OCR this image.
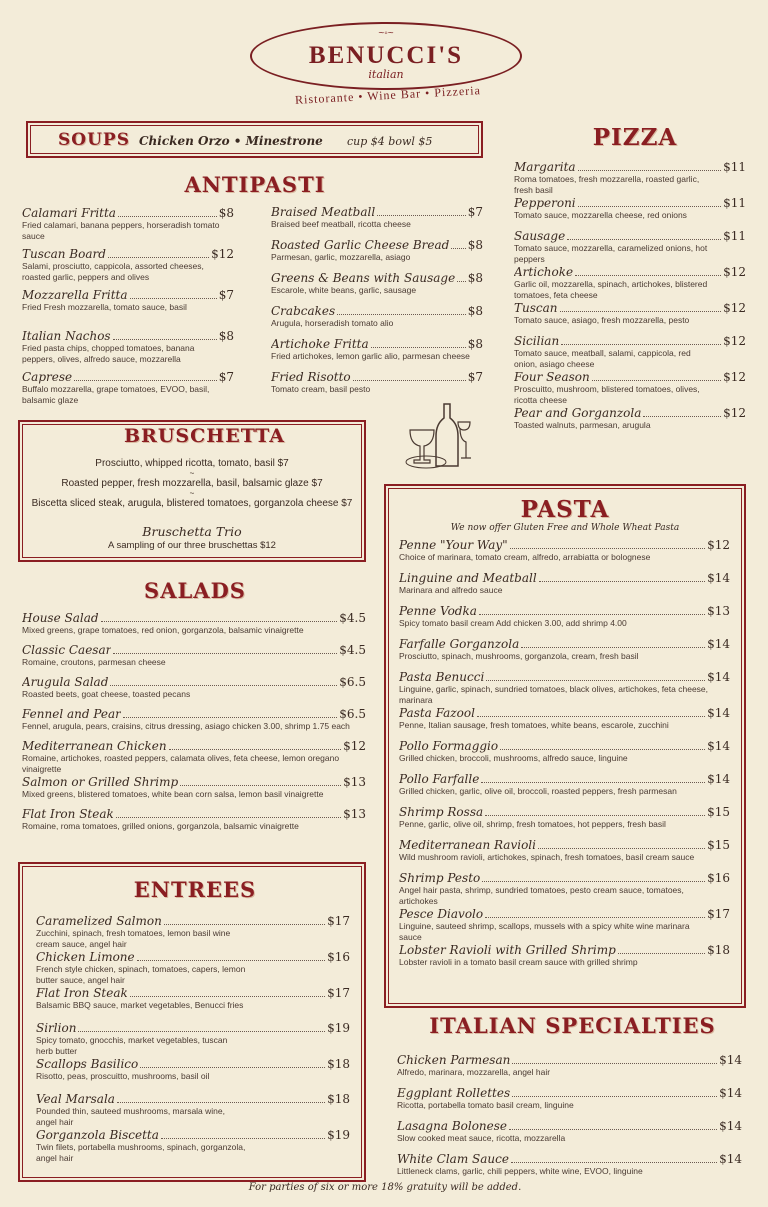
~◦~
BENUCCI'S
italian
Ristorante • Wine Bar • Pizzeria
SOUPS Chicken Orzo • Minestrone cup $4 bowl $5
ANTIPASTI
Calamari Fritta	$8
Fried calamari, banana peppers, horseradish tomato sauce
Tuscan Board	$12
Salami, prosciutto, cappicola, assorted cheeses, roasted garlic, peppers and olives
Mozzarella Fritta	$7
Fried Fresh mozzarella, tomato sauce, basil
Italian Nachos	$8
Fried pasta chips, chopped tomatoes, banana peppers, olives, alfredo sauce, mozzarella
Caprese	$7
Buffalo mozzarella, grape tomatoes, EVOO, basil, balsamic glaze
Braised Meatball	$7
Braised beef meatball, ricotta cheese
Roasted Garlic Cheese Bread $8
Parmesan, garlic, mozzarella, asiago
Greens & Beans with Sausage $8
Escarole, white beans, garlic, sausage
Crabcakes	$8
Arugula, horseradish tomato alio
Artichoke Fritta	$8
Fried artichokes, lemon garlic alio, parmesan cheese
Fried Risotto	$7
Tomato cream, basil pesto
BRUSCHETTA
Prosciutto, whipped ricotta, tomato, basil $7
~
Roasted pepper, fresh mozzarella, basil, balsamic glaze $7
~
Biscetta sliced steak, arugula, blistered tomatoes, gorganzola cheese $7
Bruschetta Trio
A sampling of our three bruschettas $12
SALADS
House Salad	$4.5
Mixed greens, grape tomatoes, red onion, gorganzola, balsamic vinaigrette
Classic Caesar	$4.5
Romaine, croutons, parmesan cheese
Arugula Salad	$6.5
Roasted beets, goat cheese, toasted pecans
Fennel and Pear	$6.5
Fennel, arugula, pears, craisins, citrus dressing, asiago chicken 3.00, shrimp 1.75 each
Mediterranean Chicken	$12
Romaine, artichokes, roasted peppers, calamata olives, feta cheese, lemon oregano vinaigrette
Salmon or Grilled Shrimp	$13
Mixed greens, blistered tomatoes, white bean corn salsa, lemon basil vinaigrette
Flat Iron Steak	$13
Romaine, roma tomatoes, grilled onions, gorganzola, balsamic vinaigrette
ENTREES
Caramelized Salmon	$17
Zucchini, spinach, fresh tomatoes, lemon basil wine cream sauce, angel hair
Chicken Limone	$16
French style chicken, spinach, tomatoes, capers, lemon butter sauce, angel hair
Flat Iron Steak	$17
Balsamic BBQ sauce, market vegetables, Benucci fries
Sirlion	$19
Spicy tomato, gnocchis, market vegetables, tuscan herb butter
Scallops Basilico	$18
Risotto, peas, proscuitto, mushrooms, basil oil
Veal Marsala	$18
Pounded thin, sauteed mushrooms, marsala wine, angel hair
Gorganzola Biscetta	$19
Twin filets, portabella mushrooms, spinach, gorganzola, angel hair
PIZZA
Margarita	$11
Roma tomatoes, fresh mozzarella, roasted garlic, fresh basil
Pepperoni	$11
Tomato sauce, mozzarella cheese, red onions
Sausage	$11
Tomato sauce, mozzarella, caramelized onions, hot peppers
Artichoke	$12
Garlic oil, mozzarella, spinach, artichokes, blistered tomatoes, feta cheese
Tuscan	$12
Tomato sauce, asiago, fresh mozzarella, pesto
Sicilian	$12
Tomato sauce, meatball, salami, cappicola, red onion, asiago cheese
Four Season	$12
Proscuitto, mushroom, blistered tomatoes, olives, ricotta cheese
Pear and Gorganzola	$12
Toasted walnuts, parmesan, arugula
PASTA
We now offer Gluten Free and Whole Wheat Pasta
Penne "Your Way"	$12
Choice of marinara, tomato cream, alfredo, arrabiatta or bolognese
Linguine and Meatball	$14
Marinara and alfredo sauce
Penne Vodka	$13
Spicy tomato basil cream Add chicken 3.00, add shrimp 4.00
Farfalle Gorganzola	$14
Prosciutto, spinach, mushrooms, gorganzola, cream, fresh basil
Pasta Benucci	$14
Linguine, garlic, spinach, sundried tomatoes, black olives, artichokes, feta cheese, marinara
Pasta Fazool	$14
Penne, Italian sausage, fresh tomatoes, white beans, escarole, zucchini
Pollo Formaggio	$14
Grilled chicken, broccoli, mushrooms, alfredo sauce, linguine
Pollo Farfalle	$14
Grilled chicken, garlic, olive oil, broccoli, roasted peppers, fresh parmesan
Shrimp Rossa	$15
Penne, garlic, olive oil, shrimp, fresh tomatoes, hot peppers, fresh basil
Mediterranean Ravioli	$15
Wild mushroom ravioli, artichokes, spinach, fresh tomatoes, basil cream sauce
Shrimp Pesto	$16
Angel hair pasta, shrimp, sundried tomatoes, pesto cream sauce, tomatoes, artichokes
Pesce Diavolo	$17
Linguine, sauteed shrimp, scallops, mussels with a spicy white wine marinara sauce
Lobster Ravioli with Grilled Shrimp	$18
Lobster ravioli in a tomato basil cream sauce with grilled shrimp
ITALIAN SPECIALTIES
Chicken Parmesan	$14
Alfredo, marinara, mozzarella, angel hair
Eggplant Rollettes	$14
Ricotta, portabella tomato basil cream, linguine
Lasagna Bolonese	$14
Slow cooked meat sauce, ricotta, mozzarella
White Clam Sauce	$14
Littleneck clams, garlic, chili peppers, white wine, EVOO, linguine
For parties of six or more 18% gratuity will be added.
